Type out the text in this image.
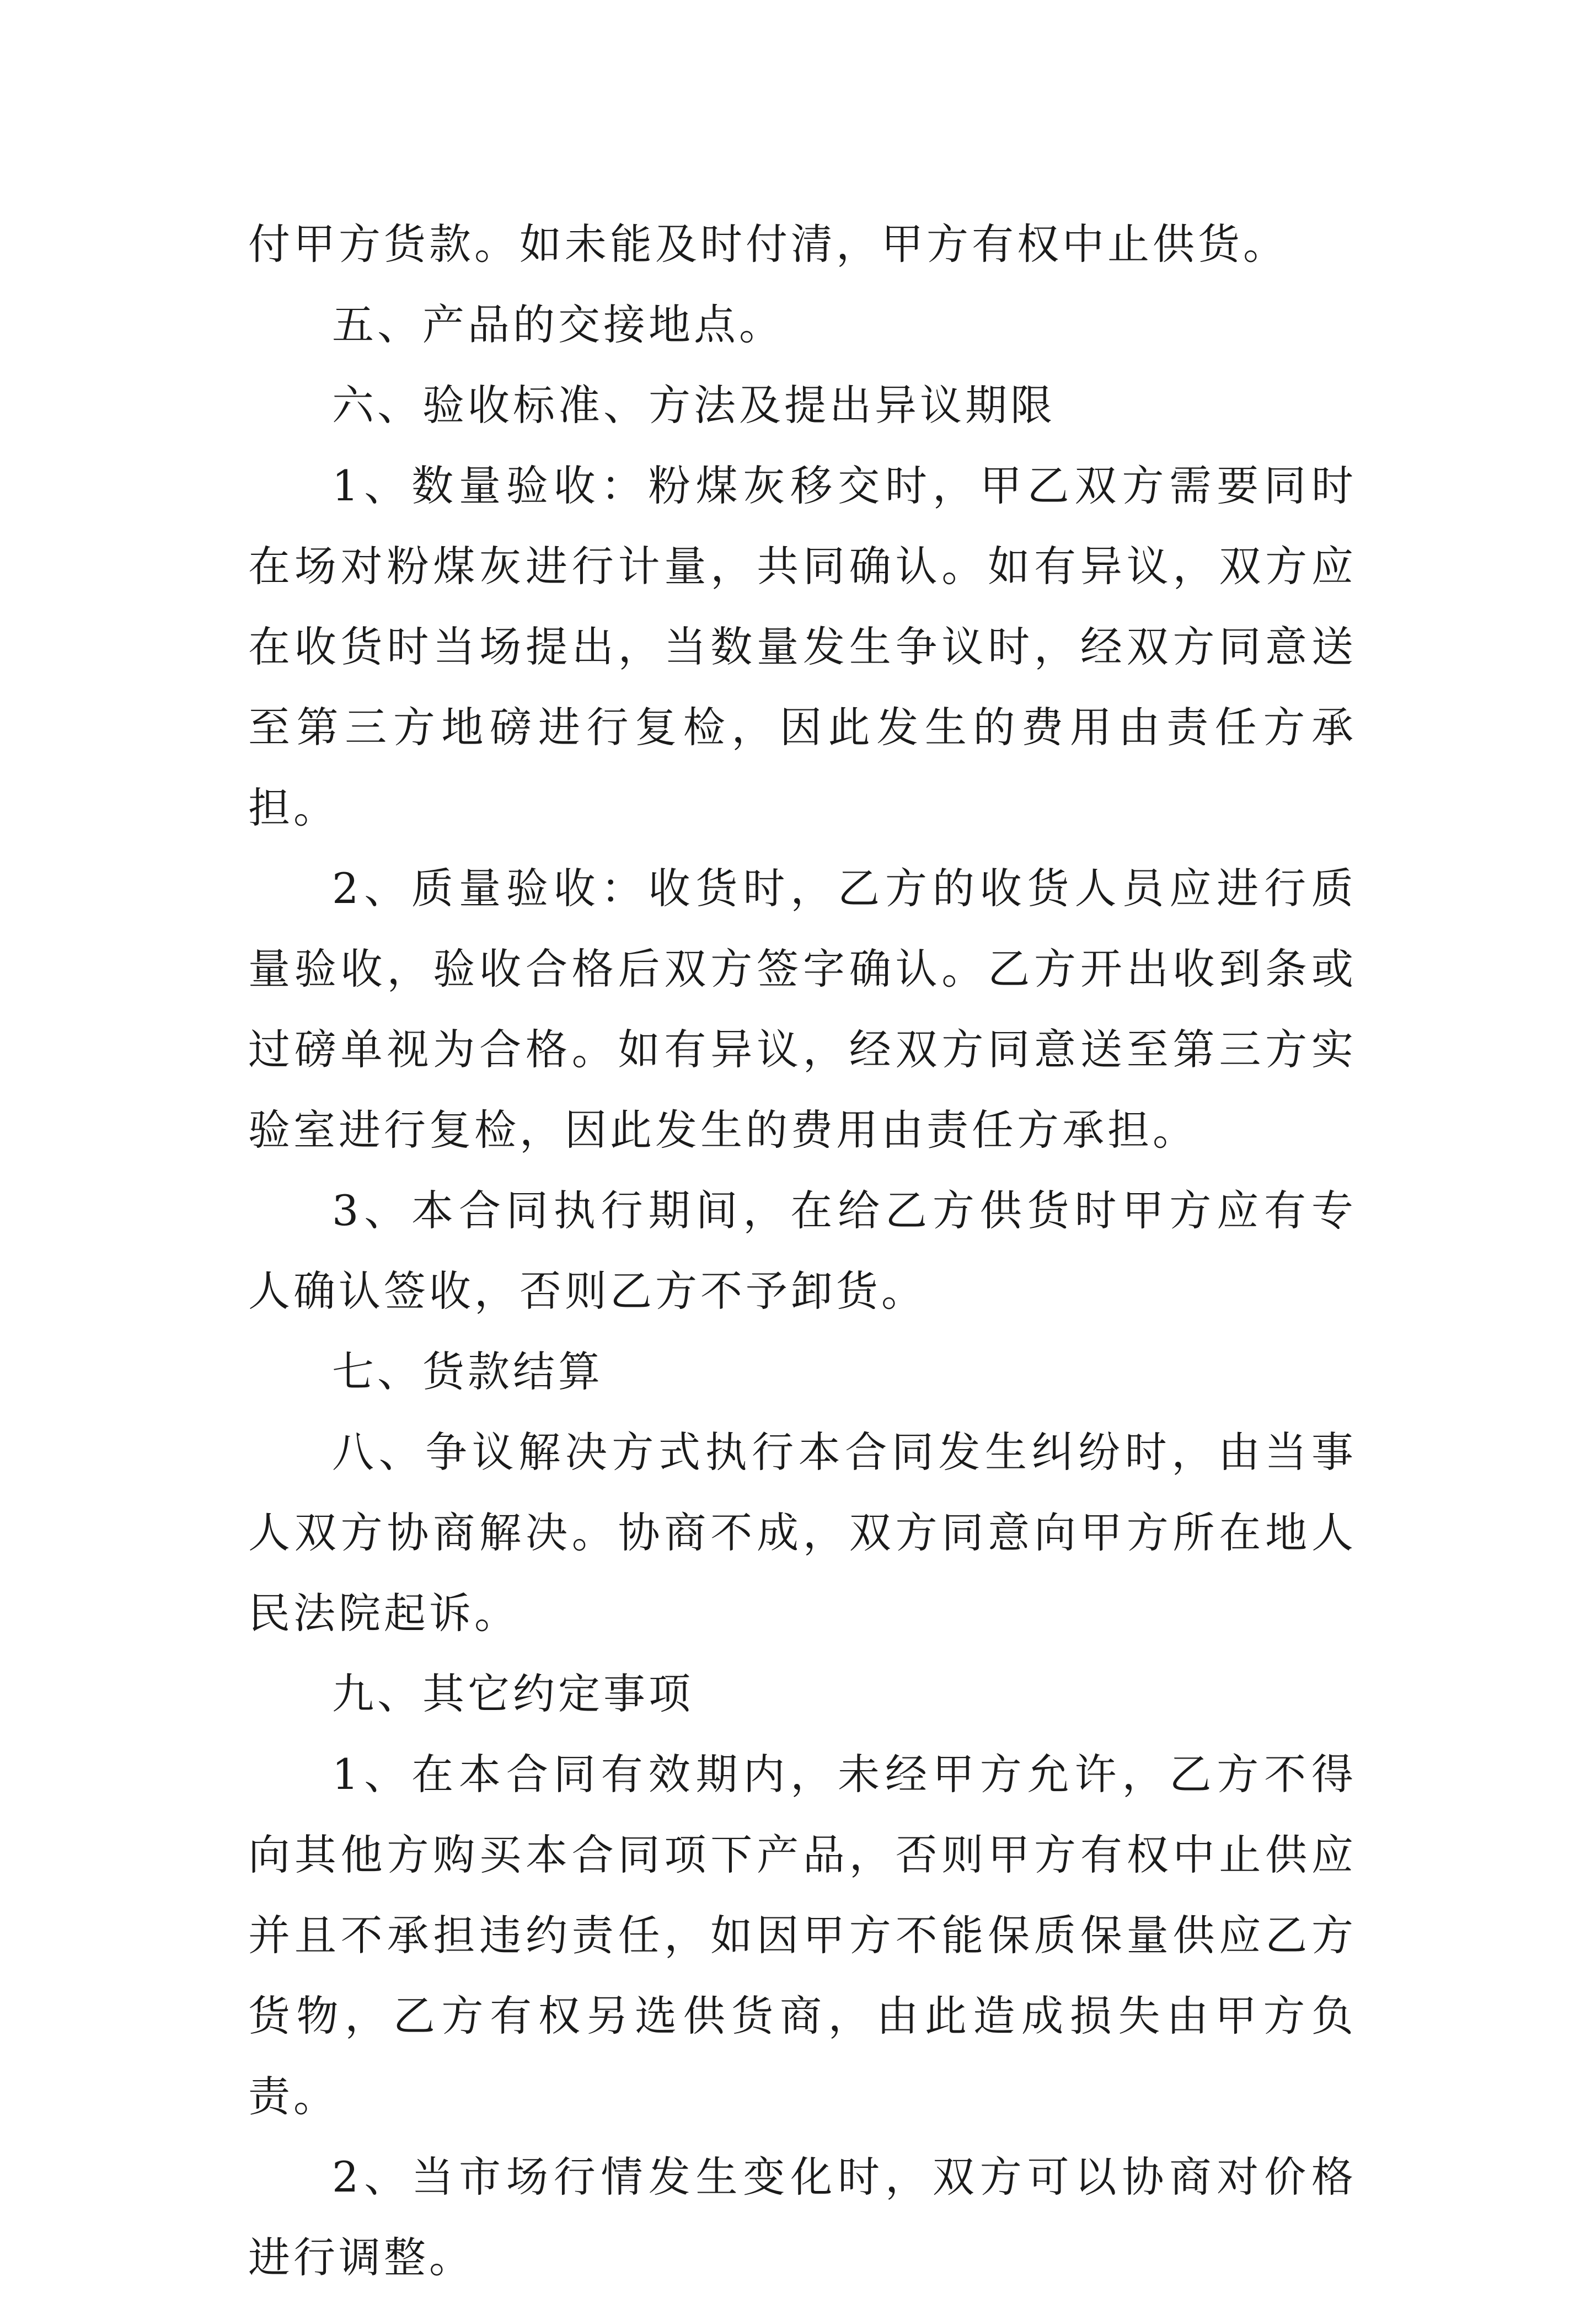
付甲方货款。如未能及时付清，甲方有权中止供货。

五、产品的交接地点。

六、验收标准、方法及提出异议期限

1、数量验收：粉煤灰移交时，甲乙双方需要同时在场对粉煤灰进行计量，共同确认。如有异议，双方应在收货时当场提出，当数量发生争议时，经双方同意送至第三方地磅进行复检，因此发生的费用由责任方承担。

2、质量验收：收货时，乙方的收货人员应进行质量验收，验收合格后双方签字确认。乙方开出收到条或过磅单视为合格。如有异议，经双方同意送至第三方实验室进行复检，因此发生的费用由责任方承担。

3、本合同执行期间，在给乙方供货时甲方应有专人确认签收，否则乙方不予卸货。

七、货款结算

八、争议解决方式执行本合同发生纠纷时，由当事人双方协商解决。协商不成，双方同意向甲方所在地人民法院起诉。

九、其它约定事项

1、在本合同有效期内，未经甲方允许，乙方不得向其他方购买本合同项下产品，否则甲方有权中止供应并且不承担违约责任，如因甲方不能保质保量供应乙方货物，乙方有权另选供货商，由此造成损失由甲方负责。

2、当市场行情发生变化时，双方可以协商对价格进行调整。
